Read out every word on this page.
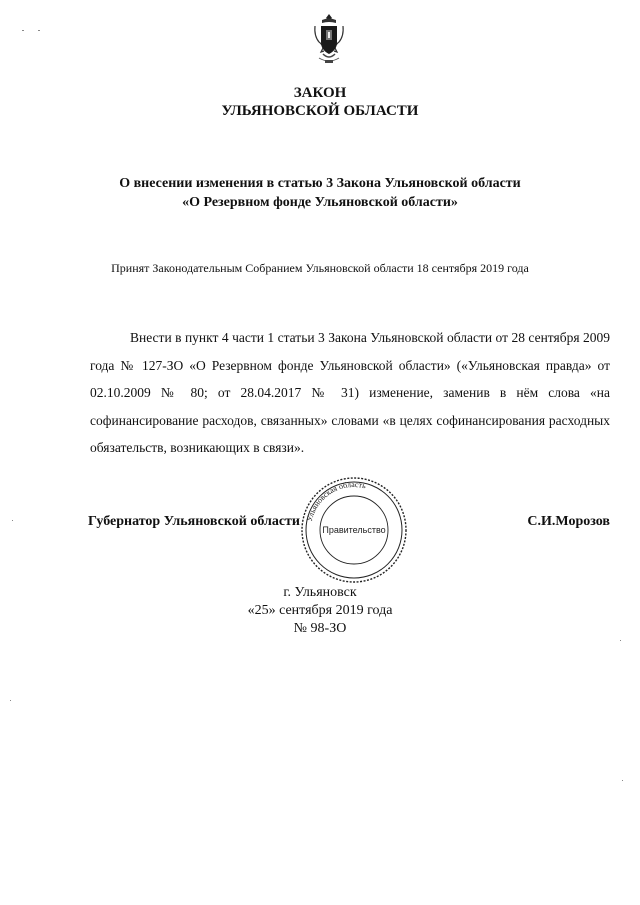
ЗАКОН
УЛЬЯНОВСКОЙ ОБЛАСТИ
О внесении изменения в статью 3 Закона Ульяновской области
«О Резервном фонде Ульяновской области»
Принят Законодательным Собранием Ульяновской области 18 сентября 2019 года
Внести в пункт 4 части 1 статьи 3 Закона Ульяновской области от 28 сентября 2009 года № 127-ЗО «О Резервном фонде Ульяновской области» («Ульяновская правда» от 02.10.2009 № 80; от 28.04.2017 № 31) изменение, заменив в нём слова «на софинансирование расходов, связанных» словами «в целях софинансирования расходных обязательств, возникающих в связи».
Ульяновская область
Правительство
Губернатор Ульяновской области	С.И.Морозов
г. Ульяновск
«25» сентября 2019 года
№ 98-ЗО
